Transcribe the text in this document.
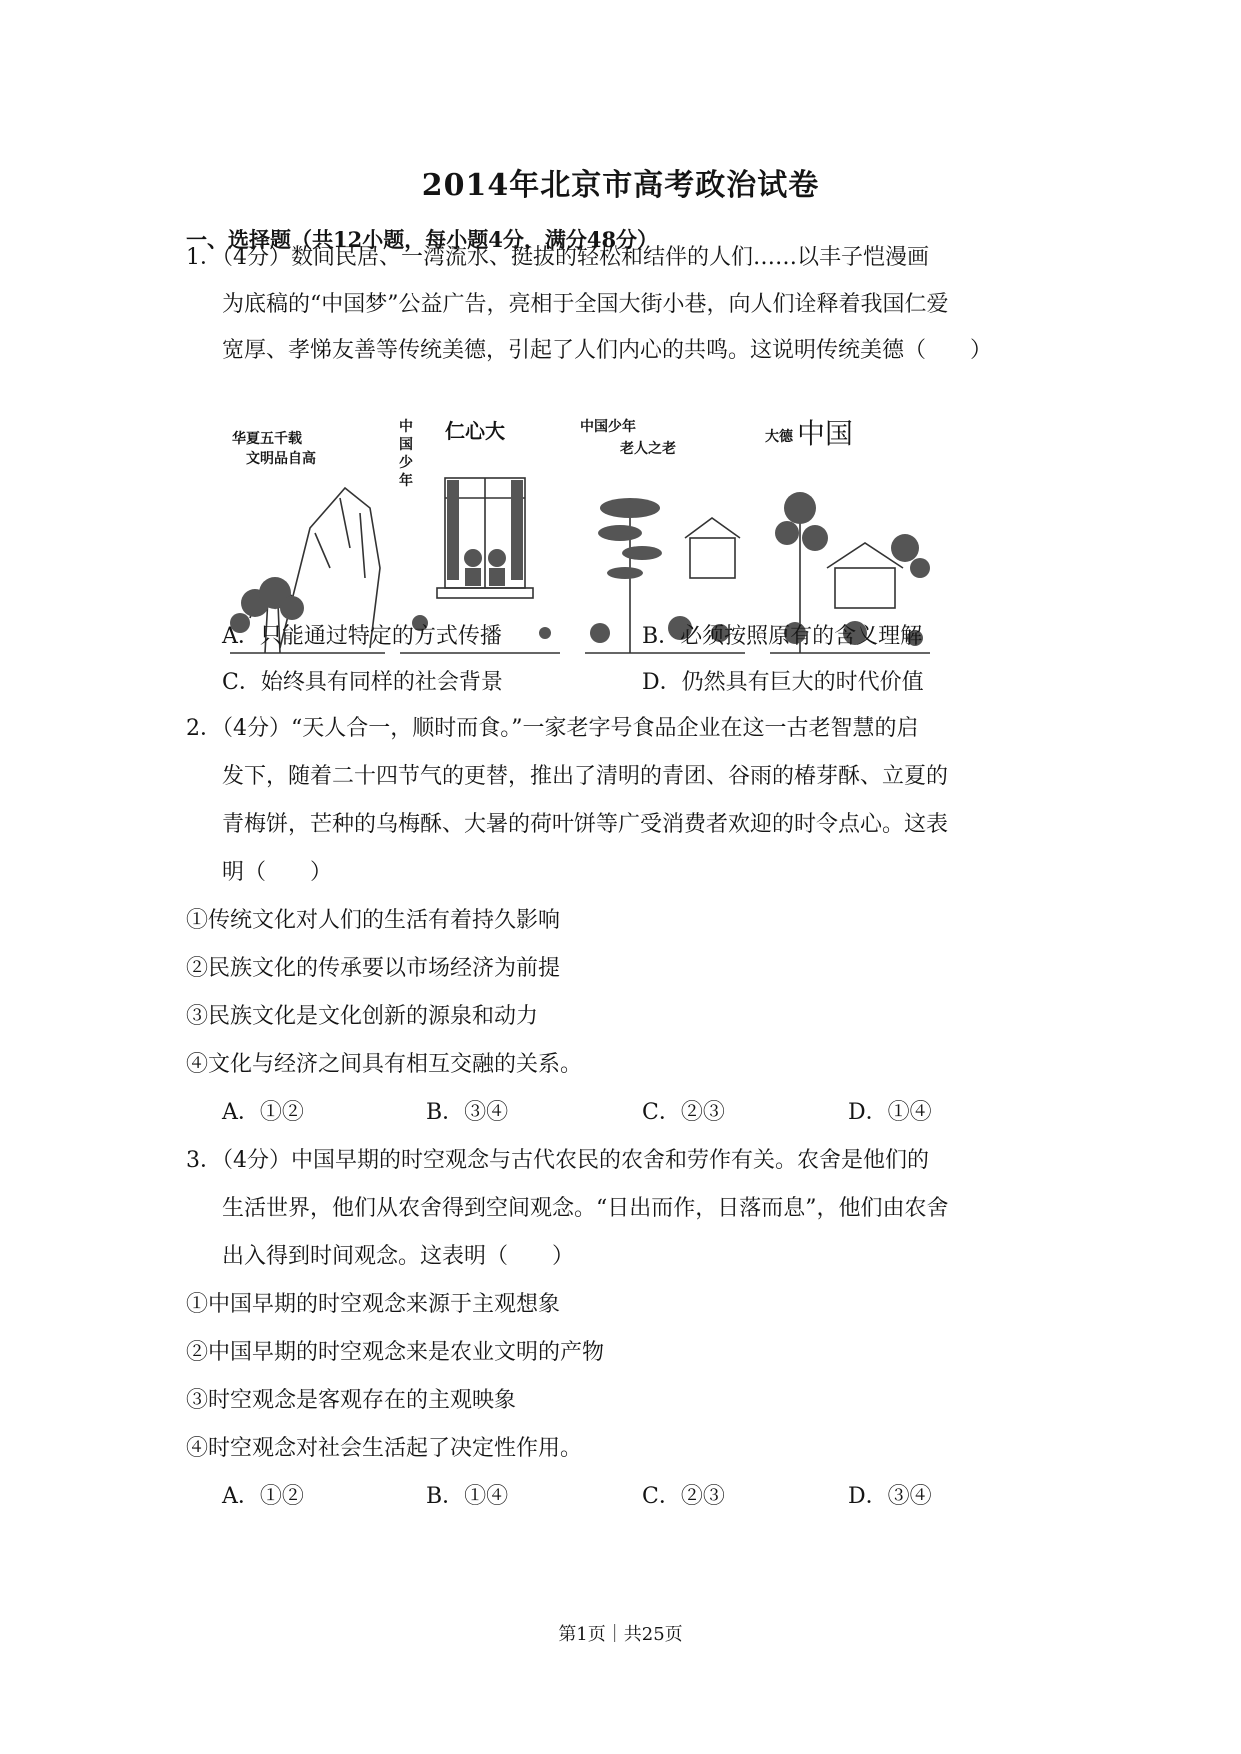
2014年北京市高考政治试卷
一、选择题（共12小题，每小题4分，满分48分）
1．（4分）数间民居、一湾流水、挺拔的轻松和结伴的人们……以丰子恺漫画
为底稿的“中国梦”公益广告，亮相于全国大街小巷，向人们诠释着我国仁爱
宽厚、孝悌友善等传统美德，引起了人们内心的共鸣。这说明传统美德（　　）
华夏五千载
文明品自高
中国少年
仁心大	中国少年
老人之老
大德 中国
A．只能通过特定的方式传播	B．必须按照原有的含义理解
C．始终具有同样的社会背景	D．仍然具有巨大的时代价值
2．（4分）“天人合一，顺时而食。”一家老字号食品企业在这一古老智慧的启
发下，随着二十四节气的更替，推出了清明的青团、谷雨的椿芽酥、立夏的
青梅饼，芒种的乌梅酥、大暑的荷叶饼等广受消费者欢迎的时令点心。这表
明（　　）
①传统文化对人们的生活有着持久影响
②民族文化的传承要以市场经济为前提
③民族文化是文化创新的源泉和动力
④文化与经济之间具有相互交融的关系。
A．①②	B．③④	C．②③	D．①④
3．（4分）中国早期的时空观念与古代农民的农舍和劳作有关。农舍是他们的
生活世界，他们从农舍得到空间观念。“日出而作，日落而息”，他们由农舍
出入得到时间观念。这表明（　　）
①中国早期的时空观念来源于主观想象
②中国早期的时空观念来是农业文明的产物
③时空观念是客观存在的主观映象
④时空观念对社会生活起了决定性作用。
A．①②	B．①④	C．②③	D．③④
第1页｜共25页
